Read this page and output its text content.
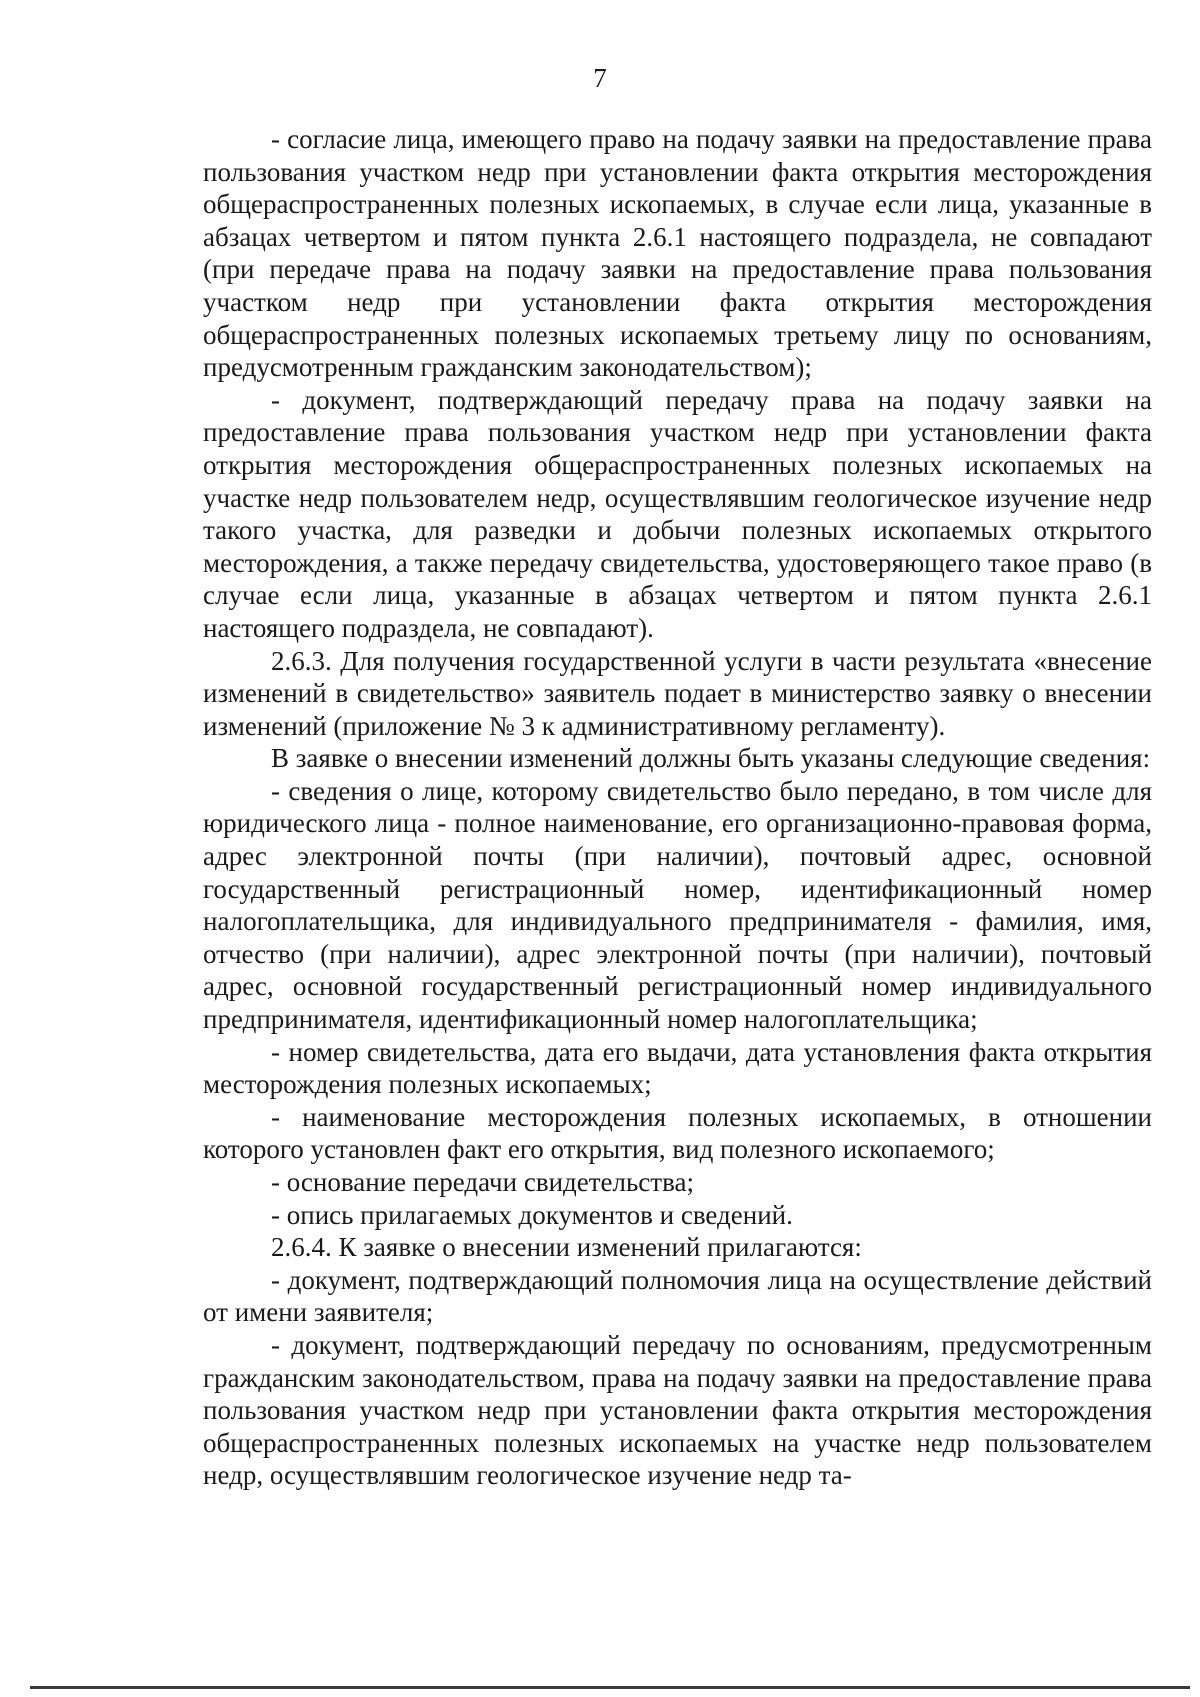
7

- согласие лица, имеющего право на подачу заявки на предоставление права пользования участком недр при установлении факта открытия месторождения общераспространенных полезных ископаемых, в случае если лица, указанные в абзацах четвертом и пятом пункта 2.6.1 настоящего подраздела, не совпадают (при передаче права на подачу заявки на предоставление права пользования участком недр при установлении факта открытия месторождения общераспространенных полезных ископаемых третьему лицу по основаниям, предусмотренным гражданским законодательством);

- документ, подтверждающий передачу права на подачу заявки на предоставление права пользования участком недр при установлении факта открытия месторождения общераспространенных полезных ископаемых на участке недр пользователем недр, осуществлявшим геологическое изучение недр такого участка, для разведки и добычи полезных ископаемых открытого месторождения, а также передачу свидетельства, удостоверяющего такое право (в случае если лица, указанные в абзацах четвертом и пятом пункта 2.6.1 настоящего подраздела, не совпадают).

2.6.3. Для получения государственной услуги в части результата «внесение изменений в свидетельство» заявитель подает в министерство заявку о внесении изменений (приложение № 3 к административному регламенту).

В заявке о внесении изменений должны быть указаны следующие сведения:

- сведения о лице, которому свидетельство было передано, в том числе для юридического лица - полное наименование, его организационно-правовая форма, адрес электронной почты (при наличии), почтовый адрес, основной государственный регистрационный номер, идентификационный номер налогоплательщика, для индивидуального предпринимателя - фамилия, имя, отчество (при наличии), адрес электронной почты (при наличии), почтовый адрес, основной государственный регистрационный номер индивидуального предпринимателя, идентификационный номер налогоплательщика;

- номер свидетельства, дата его выдачи, дата установления факта открытия месторождения полезных ископаемых;

- наименование месторождения полезных ископаемых, в отношении которого установлен факт его открытия, вид полезного ископаемого;

- основание передачи свидетельства;

- опись прилагаемых документов и сведений.

2.6.4. К заявке о внесении изменений прилагаются:

- документ, подтверждающий полномочия лица на осуществление действий от имени заявителя;

- документ, подтверждающий передачу по основаниям, предусмотренным гражданским законодательством, права на подачу заявки на предоставление права пользования участком недр при установлении факта открытия месторождения общераспространенных полезных ископаемых на участке недр пользователем недр, осуществлявшим геологическое изучение недр та-
